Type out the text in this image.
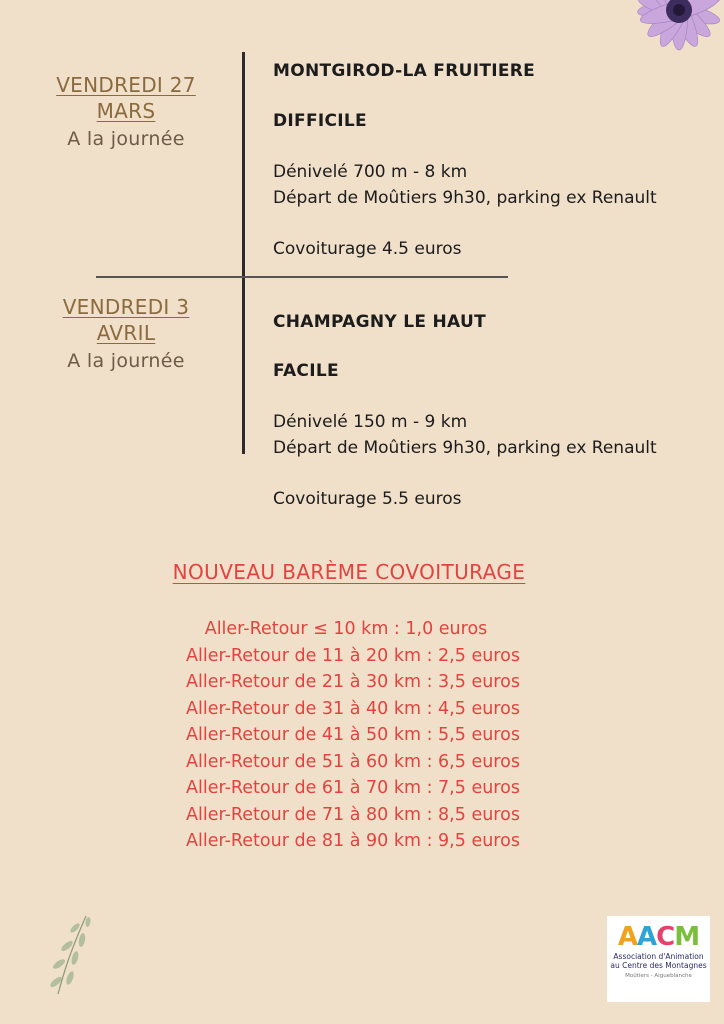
VENDREDI 27
MARS
A la journée
MONTGIROD-LA FRUITIERE
DIFFICILE
Dénivelé 700 m - 8 km
Départ de Moûtiers 9h30, parking ex Renault
Covoiturage 4.5 euros
VENDREDI 3
AVRIL
A la journée
CHAMPAGNY LE HAUT
FACILE
Dénivelé 150 m - 9 km
Départ de Moûtiers 9h30, parking ex Renault
Covoiturage 5.5 euros
NOUVEAU BARÈME COVOITURAGE
Aller-Retour ≤ 10 km : 1,0 euros
Aller-Retour de 11 à 20 km : 2,5 euros
Aller-Retour de 21 à 30 km : 3,5 euros
Aller-Retour de 31 à 40 km : 4,5 euros
Aller-Retour de 41 à 50 km : 5,5 euros
Aller-Retour de 51 à 60 km : 6,5 euros
Aller-Retour de 61 à 70 km : 7,5 euros
Aller-Retour de 71 à 80 km : 8,5 euros
Aller-Retour de 81 à 90 km : 9,5 euros
AACM
Association d'Animation
au Centre des Montagnes
Moûtiers - Aigueblanche
